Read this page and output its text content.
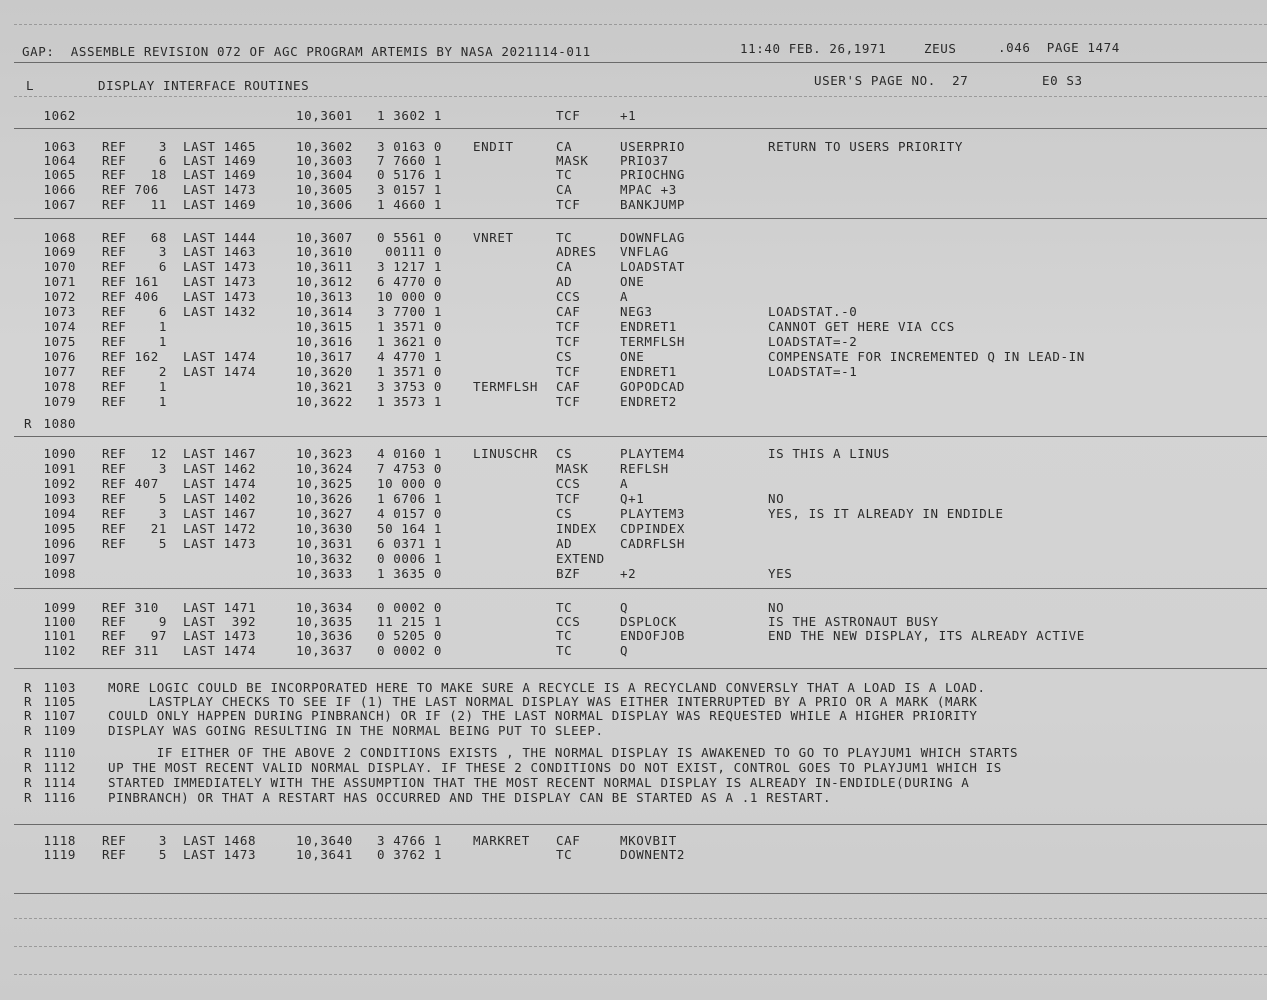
GAP:  ASSEMBLE REVISION 072 OF AGC PROGRAM ARTEMIS BY NASA 2021114-011	11:40 FEB. 26,1971	ZEUS	.046  PAGE 1474
L	DISPLAY INTERFACE ROUTINES	USER'S PAGE NO.  27	E0 S3
1062	10,3601 1 3602 1	TCF	+1
1063 REF    3 LAST 1465	10,3602 3 0163 0 ENDIT	CA	USERPRIO	RETURN TO USERS PRIORITY
1064 REF    6 LAST 1469	10,3603 7 7660 1	MASK	PRIO37
1065 REF   18 LAST 1469	10,3604 0 5176 1	TC	PRIOCHNG
1066 REF 706 LAST 1473	10,3605 3 0157 1	CA	MPAC +3
1067 REF   11 LAST 1469	10,3606 1 4660 1	TCF	BANKJUMP
1068 REF   68 LAST 1444	10,3607 0 5561 0 VNRET	TC	DOWNFLAG
1069 REF    3 LAST 1463	10,3610 00111 0	ADRES VNFLAG
1070 REF    6 LAST 1473	10,3611 3 1217 1	CA	LOADSTAT
1071 REF 161 LAST 1473	10,3612 6 4770 0	AD	ONE
1072 REF 406 LAST 1473	10,3613 10 000 0	CCS	A
1073 REF    6 LAST 1432	10,3614 3 7700 1	CAF	NEG3	LOADSTAT.-0
1074 REF    1	10,3615 1 3571 0	TCF	ENDRET1	CANNOT GET HERE VIA CCS
1075 REF    1	10,3616 1 3621 0	TCF	TERMFLSH	LOADSTAT=-2
1076 REF 162 LAST 1474	10,3617 4 4770 1	CS	ONE	COMPENSATE FOR INCREMENTED Q IN LEAD-IN
1077 REF    2 LAST 1474	10,3620 1 3571 0	TCF	ENDRET1	LOADSTAT=-1
1078 REF    1	10,3621 3 3753 0 TERMFLSH CAF	GOPODCAD
1079 REF    1	10,3622 1 3573 1	TCF	ENDRET2
R 1080
1090 REF   12 LAST 1467	10,3623 4 0160 1 LINUSCHR CS	PLAYTEM4	IS THIS A LINUS
1091 REF    3 LAST 1462	10,3624 7 4753 0	MASK	REFLSH
1092 REF 407 LAST 1474	10,3625 10 000 0	CCS	A
1093 REF    5 LAST 1402	10,3626 1 6706 1	TCF	Q+1	NO
1094 REF    3 LAST 1467	10,3627 4 0157 0	CS	PLAYTEM3	YES, IS IT ALREADY IN ENDIDLE
1095 REF   21 LAST 1472	10,3630 50 164 1	INDEX CDPINDEX
1096 REF    5 LAST 1473	10,3631 6 0371 1	AD	CADRFLSH
1097	10,3632 0 0006 1	EXTEND
1098	10,3633 1 3635 0	BZF	+2	YES
1099 REF 310 LAST 1471	10,3634 0 0002 0	TC	Q	NO
1100 REF    9 LAST  392	10,3635 11 215 1	CCS	DSPLOCK	IS THE ASTRONAUT BUSY
1101 REF   97 LAST 1473	10,3636 0 5205 0	TC	ENDOFJOB	END THE NEW DISPLAY, ITS ALREADY ACTIVE
1102 REF 311 LAST 1474	10,3637 0 0002 0	TC	Q
R 1103	MORE LOGIC COULD BE INCORPORATED HERE TO MAKE SURE A RECYCLE IS A RECYCLAND CONVERSLY THAT A LOAD IS A LOAD.
R 1105	LASTPLAY CHECKS TO SEE IF (1) THE LAST NORMAL DISPLAY WAS EITHER INTERRUPTED BY A PRIO OR A MARK (MARK
R 1107	COULD ONLY HAPPEN DURING PINBRANCH) OR IF (2) THE LAST NORMAL DISPLAY WAS REQUESTED WHILE A HIGHER PRIORITY
R 1109	DISPLAY WAS GOING RESULTING IN THE NORMAL BEING PUT TO SLEEP.
R 1110	IF EITHER OF THE ABOVE 2 CONDITIONS EXISTS , THE NORMAL DISPLAY IS AWAKENED TO GO TO PLAYJUM1 WHICH STARTS
R 1112	UP THE MOST RECENT VALID NORMAL DISPLAY. IF THESE 2 CONDITIONS DO NOT EXIST, CONTROL GOES TO PLAYJUM1 WHICH IS
R 1114	STARTED IMMEDIATELY WITH THE ASSUMPTION THAT THE MOST RECENT NORMAL DISPLAY IS ALREADY IN-ENDIDLE(DURING A
R 1116	PINBRANCH) OR THAT A RESTART HAS OCCURRED AND THE DISPLAY CAN BE STARTED AS A .1 RESTART.
1118 REF    3 LAST 1468	10,3640 3 4766 1 MARKRET CAF	MKOVBIT
1119 REF    5 LAST 1473	10,3641 0 3762 1	TC	DOWNENT2
